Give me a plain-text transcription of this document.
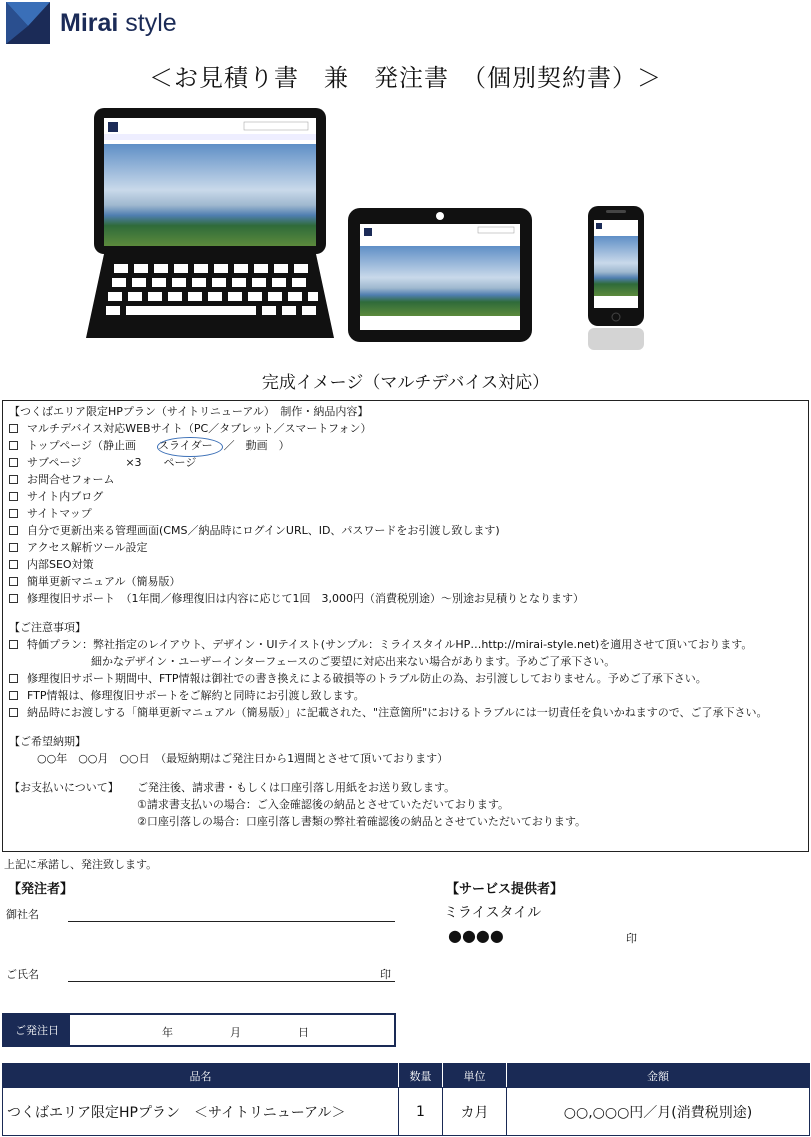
Mirai style
＜お見積り書　兼　発注書　（個別契約書）＞
完成イメージ（マルチデバイス対応）
【つくばエリア限定HPプラン（サイトリニューアル）　制作・納品内容】
マルチデバイス対応WEBサイト（PC／タブレット／スマートフォン）
トップページ（静止画　　スライダー　／　動画　）
サブページ　　　　×3　　ページ
お問合せフォーム
サイト内ブログ
サイトマップ
自分で更新出来る管理画面(CMS／納品時にログインURL、ID、パスワードをお引渡し致します)
アクセス解析ツール設定
内部SEO対策
簡単更新マニュアル（簡易版）
修理復旧サポート　（1年間／修理復旧は内容に応じて1回　3,000円（消費税別途）～別途お見積りとなります）
【ご注意事項】
特価プラン：弊社指定のレイアウト、デザイン・UIテイスト(サンプル：ミライスタイルHP…http://mirai-style.net)を適用させて頂いております。
細かなデザイン・ユーザーインターフェースのご要望に対応出来ない場合があります。予めご了承下さい。
修理復旧サポート期間中、FTP情報は御社での書き換えによる破損等のトラブル防止の為、お引渡ししておりません。予めご了承下さい。
FTP情報は、修理復旧サポートをご解約と同時にお引渡し致します。
納品時にお渡しする「簡単更新マニュアル（簡易版）」に記載された、"注意箇所"におけるトラブルには一切責任を負いかねますので、ご了承下さい。
【ご希望納期】
○○年　○○月　○○日　（最短納期はご発注日から1週間とさせて頂いております）
【お支払いについて】	ご発注後、請求書・もしくは口座引落し用紙をお送り致します。
①請求書支払いの場合：ご入金確認後の納品とさせていただいております。
②口座引落しの場合：口座引落し書類の弊社着確認後の納品とさせていただいております。
上記に承諾し、発注致します。
【発注者】
御社名
ご氏名	印
【サービス提供者】
ミライスタイル
●●●●	印
ご発注日	年	月	日
品名	数量	単位	金額
つくばエリア限定HPプラン　＜サイトリニューアル＞	1	カ月	○○,○○○円／月(消費税別途)
